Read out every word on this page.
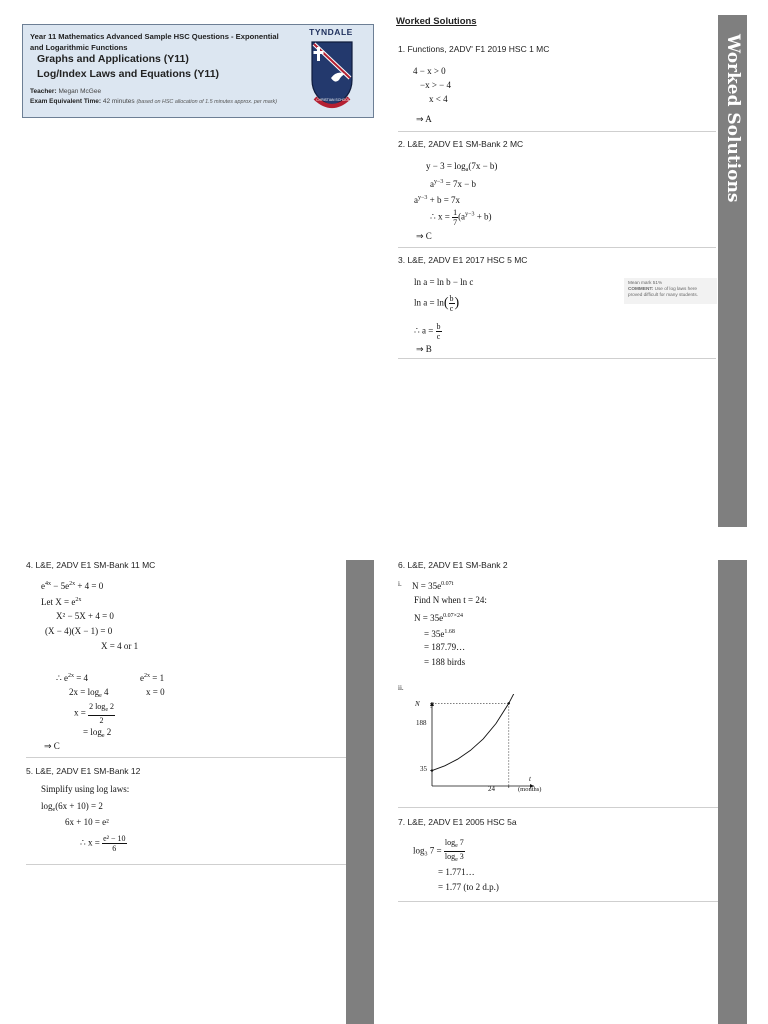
Year 11 Mathematics Advanced Sample HSC Questions - Exponential
and Logarithmic Functions
Graphs and Applications (Y11)
Log/Index Laws and Equations (Y11)
Teacher: Megan McGee
Exam Equivalent Time: 42 minutes (based on HSC allocation of 1.5 minutes approx. per mark)
TYNDALE
CHRISTIAN SCHOOL	Worked Solutions
Worked Solutions
1. Functions, 2ADV' F1 2019 HSC 1 MC
4 − x > 0
−x > − 4
x < 4
⇒ A
2. L&E, 2ADV E1 SM-Bank 2 MC
$y - 3 = \log_a(7x - b)$
$a^{y-3} = 7x - b$
$a^{y-3} + b = 7x$
∴ $x = \frac{1}{7} (a^{y-3} + b)$
⇒ C
3. L&E, 2ADV E1 2017 HSC 5 MC
ln a = ln b − ln c
$\ln a = \ln( \frac{b}{c}$ )
∴ $a = \frac{b}{c}$
⇒ B
Mean mark 51%
COMMENT: Use of log laws here
proved difficult for many students.
4. L&E, 2ADV E1 SM-Bank 11 MC
$e^{4x} - 5e^{2x} + 4 = 0$
Let $X = e^{2x}$
X² − 5X + 4 = 0
(X − 4)(X − 1) = 0
X = 4 or 1
∴ $e^{2x} = 4$	$e^{2x} = 1$
$2x = \log_e 4$	x = 0
$x = \frac{2 \log_e 2}{2}$
= $\log_e 2$
⇒ C
5. L&E, 2ADV E1 SM-Bank 12
Simplify using log laws:
$\log_e(6x + 10) = 2$
6x + 10 = e²
∴ $x = \frac{\text{e² − 10}}{6}$
6. L&E, 2ADV E1 SM-Bank 2
i. $N = 35e^{0.07t}$
Find N when t = 24:
$N = 35e^{0.07\times 24}$
= $35e^{1.68}$
= 187.79…
= 188 birds
ii.
N y
188
35
24
t
(months)
7. L&E, 2ADV E1 2005 HSC 5a
$\log_3 7 = \frac{\log_e 7}{\log_e 3}$
= 1.771…
= 1.77 (to 2 d.p.)
